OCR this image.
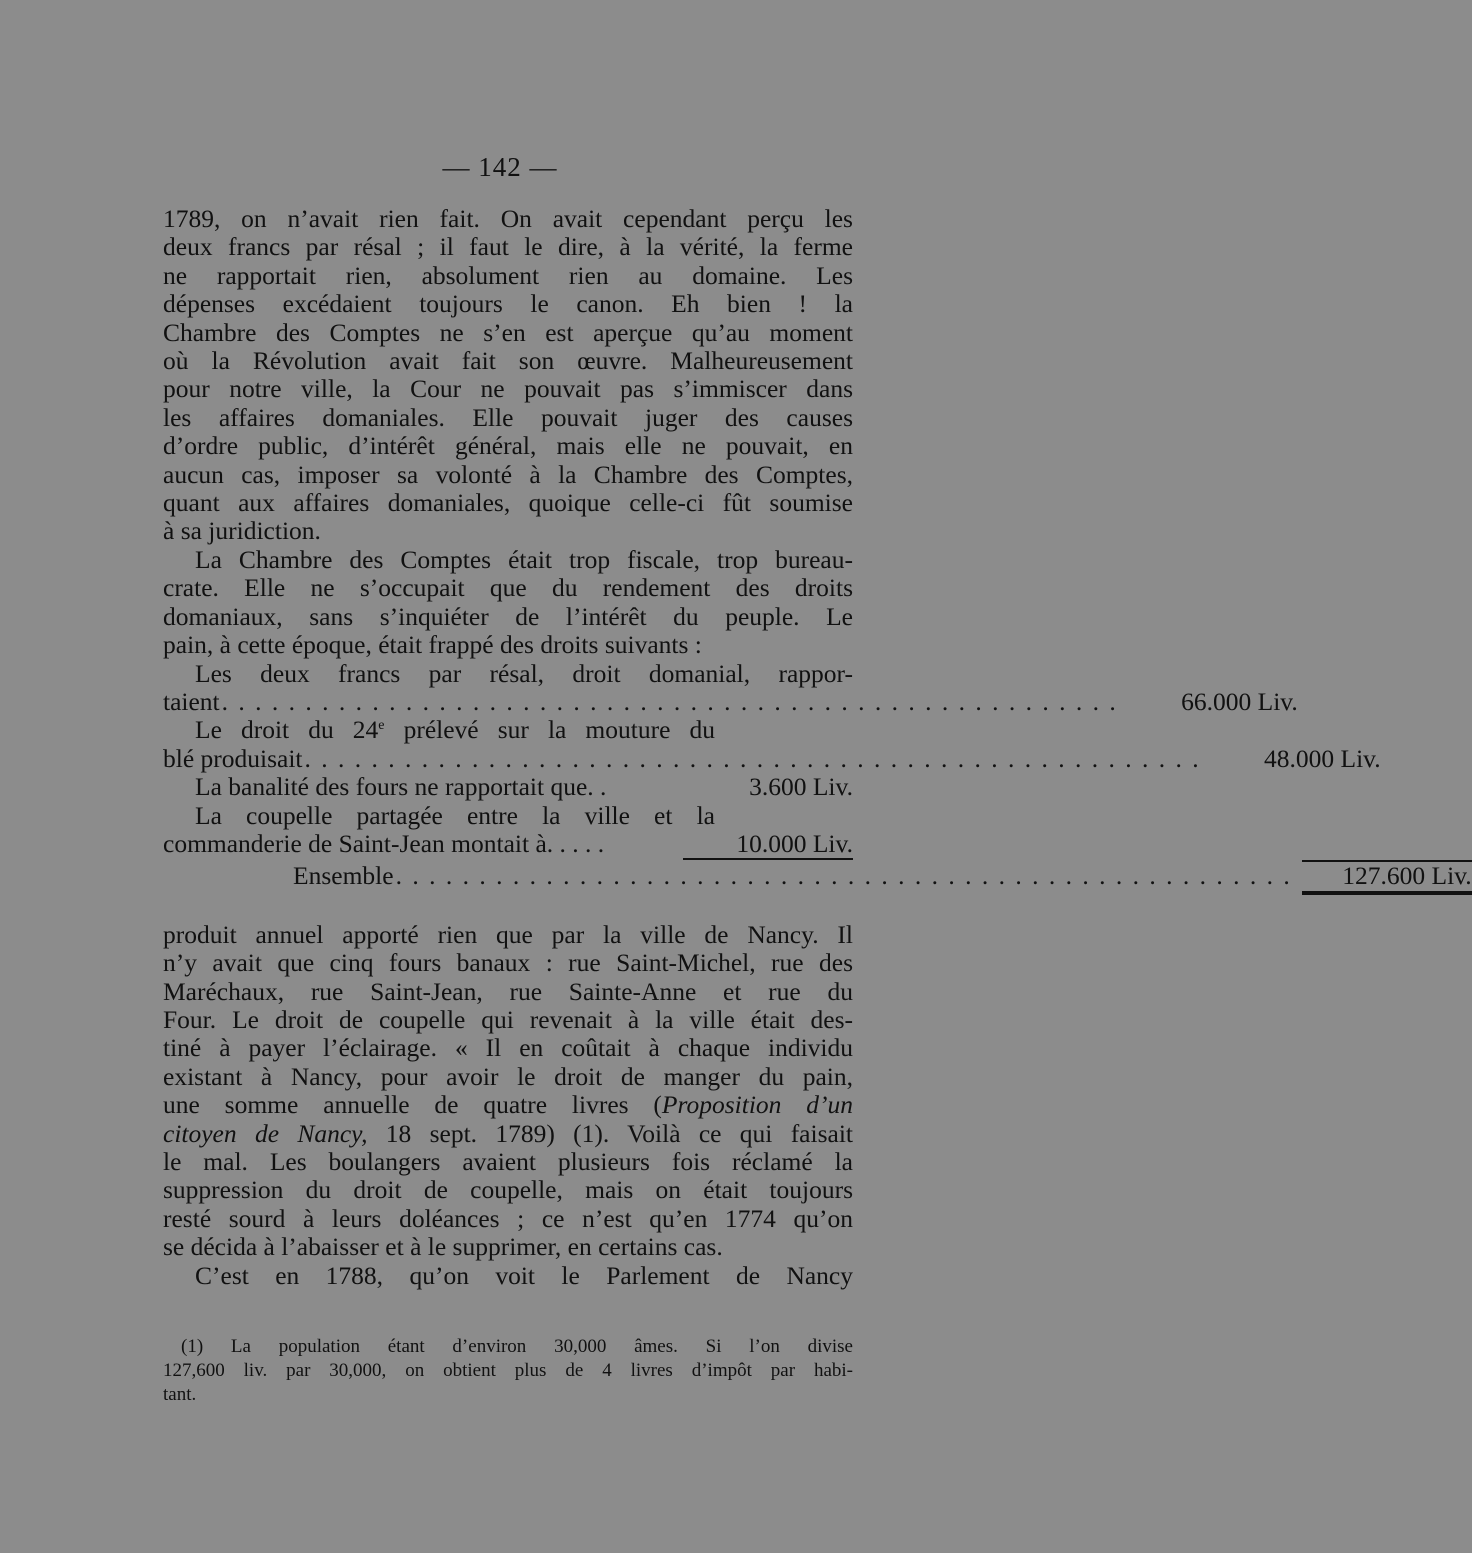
— 142 —

1789, on n’avait rien fait. On avait cependant perçu les
deux francs par résal ; il faut le dire, à la vérité, la ferme
ne rapportait rien, absolument rien au domaine. Les
dépenses excédaient toujours le canon. Eh bien ! la
Chambre des Comptes ne s’en est aperçue qu’au moment
où la Révolution avait fait son œuvre. Malheureusement
pour notre ville, la Cour ne pouvait pas s’immiscer dans
les affaires domaniales. Elle pouvait juger des causes
d’ordre public, d’intérêt général, mais elle ne pouvait, en
aucun cas, imposer sa volonté à la Chambre des Comptes,
quant aux affaires domaniales, quoique celle-ci fût soumise
à sa juridiction.

La Chambre des Comptes était trop fiscale, trop bureau-
crate. Elle ne s’occupait que du rendement des droits
domaniaux, sans s’inquiéter de l’intérêt du peuple. Le
pain, à cette époque, était frappé des droits suivants :

Les deux francs par résal, droit domanial, rappor-
taient . . . . . . . . . . . . . . . . . . . . . . . . . . . . . . . . . . . . . . . . . . . . . . . . . . . . . .	66.000 Liv.
Le droit du 24e prélevé sur la mouture du
blé produisait . . . . . . . . . . . . . . . . . . . . . . . . . . . . . . . . . . . . . . . . . . . . . . . . . . . . . .	48.000 Liv.
La banalité des fours ne rapportait que. .	3.600 Liv.
La coupelle partagée entre la ville et la
commanderie de Saint-Jean montait à. . . . .	10.000 Liv.
Ensemble . . . . . . . . . . . . . . . . . . . . . . . . . . . . . . . . . . . . . . . . . . . . . . . . . . . . . .	127.600 Liv.

produit annuel apporté rien que par la ville de Nancy. Il
n’y avait que cinq fours banaux : rue Saint-Michel, rue des
Maréchaux, rue Saint-Jean, rue Sainte-Anne et rue du
Four. Le droit de coupelle qui revenait à la ville était des-
tiné à payer l’éclairage. « Il en coûtait à chaque individu
existant à Nancy, pour avoir le droit de manger du pain,
une somme annuelle de quatre livres (Proposition d’un
citoyen de Nancy, 18 sept. 1789) (1). Voilà ce qui faisait
le mal. Les boulangers avaient plusieurs fois réclamé la
suppression du droit de coupelle, mais on était toujours
resté sourd à leurs doléances ; ce n’est qu’en 1774 qu’on
se décida à l’abaisser et à le supprimer, en certains cas.

C’est en 1788, qu’on voit le Parlement de Nancy

(1) La population étant d’environ 30,000 âmes. Si l’on divise
127,600 liv. par 30,000, on obtient plus de 4 livres d’impôt par habi-
tant.
